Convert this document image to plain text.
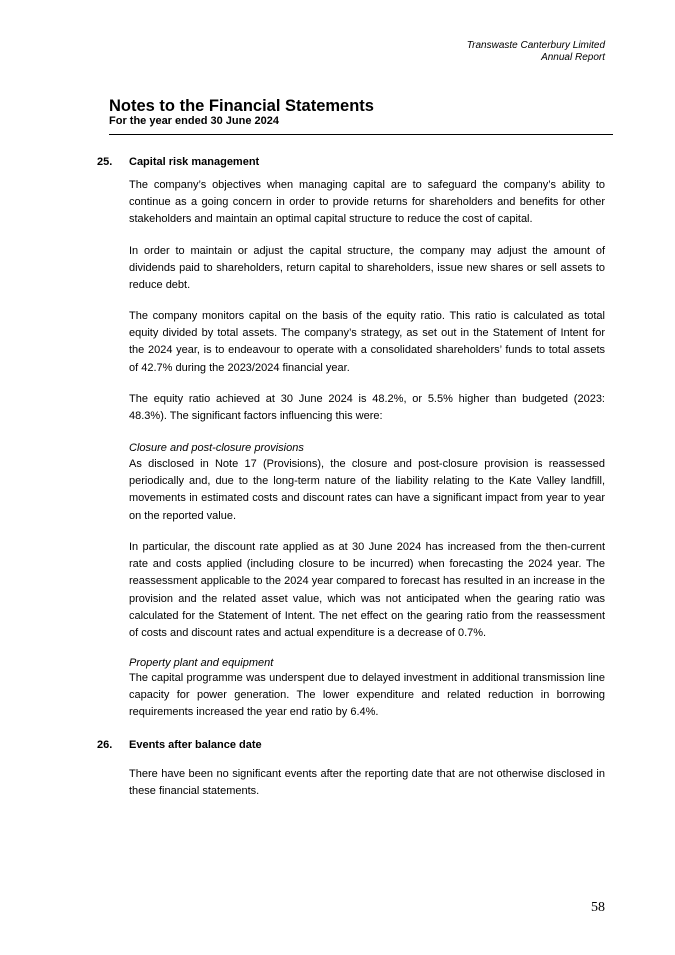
Transwaste Canterbury Limited
Annual Report
Notes to the Financial Statements
For the year ended 30 June 2024
25. Capital risk management

The company’s objectives when managing capital are to safeguard the company’s ability to continue as a going concern in order to provide returns for shareholders and benefits for other stakeholders and maintain an optimal capital structure to reduce the cost of capital.

In order to maintain or adjust the capital structure, the company may adjust the amount of dividends paid to shareholders, return capital to shareholders, issue new shares or sell assets to reduce debt.

The company monitors capital on the basis of the equity ratio. This ratio is calculated as total equity divided by total assets. The company’s strategy, as set out in the Statement of Intent for the 2024 year, is to endeavour to operate with a consolidated shareholders’ funds to total assets of 42.7% during the 2023/2024 financial year.

The equity ratio achieved at 30 June 2024 is 48.2%, or 5.5% higher than budgeted (2023: 48.3%). The significant factors influencing this were:

Closure and post-closure provisions

As disclosed in Note 17 (Provisions), the closure and post-closure provision is reassessed periodically and, due to the long-term nature of the liability relating to the Kate Valley landfill, movements in estimated costs and discount rates can have a significant impact from year to year on the reported value.

In particular, the discount rate applied as at 30 June 2024 has increased from the then-current rate and costs applied (including closure to be incurred) when forecasting the 2024 year. The reassessment applicable to the 2024 year compared to forecast has resulted in an increase in the provision and the related asset value, which was not anticipated when the gearing ratio was calculated for the Statement of Intent. The net effect on the gearing ratio from the reassessment of costs and discount rates and actual expenditure is a decrease of 0.7%.

Property plant and equipment

The capital programme was underspent due to delayed investment in additional transmission line capacity for power generation. The lower expenditure and related reduction in borrowing requirements increased the year end ratio by 6.4%.

26. Events after balance date

There have been no significant events after the reporting date that are not otherwise disclosed in these financial statements.

58
